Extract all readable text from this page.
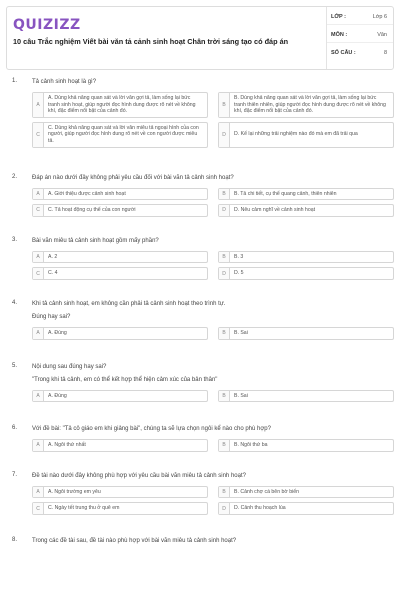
QUIZIZZ
10 câu Trắc nghiệm Viết bài văn tả cảnh sinh hoạt Chân trời sáng tạo có đáp án
LỚP :	Lớp 6
MÔN :	Văn
SỐ CÂU :	8
1. Tả cảnh sinh hoạt là gì?
A
A. Dùng khả năng quan sát và lời văn gợi tả, làm sống lại bức tranh sinh hoạt, giúp người đọc hình dung được rõ nét về không khí, đặc điểm nổi bật của cảnh đó.
B
B. Dùng khả năng quan sát và lời văn gợi tả, làm sống lại bức tranh thiên nhiên, giúp người đọc hình dung được rõ nét về không khí, đặc điểm nổi bật của cảnh đó.
C
C. Dùng khả năng quan sát và lời văn miêu tả ngoại hình của con người, giúp người đọc hình dung rõ nét về con người được miêu tả.
D	D. Kể lại những trải nghiệm nào đó mà em đã trải qua
2. Đáp án nào dưới đây không phải yêu cầu đối với bài văn tả cảnh sinh hoạt?
A	A. Giới thiệu được cảnh sinh hoạt	B	B. Tả chi tiết, cụ thể quang cảnh, thiên nhiên
C	C. Tả hoạt động cụ thể của con người	D	D. Nêu cảm nghĩ về cảnh sinh hoạt
3. Bài văn miêu tả cảnh sinh hoạt gồm mấy phần?
A	A. 2	B	B. 3
C	C. 4	D	D. 5
4. Khi tả cảnh sinh hoạt, em không cần phải tả cảnh sinh hoạt theo trình tự.
Đúng hay sai?
A	A. Đúng	B	B. Sai
5. Nội dung sau đúng hay sai?
"Trong khi tả cảnh, em có thể kết hợp thể hiện cảm xúc của bản thân"
A	A. Đúng	B	B. Sai
6. Với đề bài: "Tả cô giáo em khi giảng bài", chúng ta sẽ lựa chọn ngôi kể nào cho phù hợp?
A	A. Ngôi thứ nhất	B	B. Ngôi thứ ba
7. Đề tài nào dưới đây không phù hợp với yêu cầu bài văn miêu tả cảnh sinh hoạt?
A	A. Ngôi trường em yêu	B	B. Cảnh chợ cá bên bờ biển
C	C. Ngày tết trung thu ở quê em	D	D. Cảnh thu hoạch lúa
8. Trong các đề tài sau, đề tài nào phù hợp với bài văn miêu tả cảnh sinh hoạt?
